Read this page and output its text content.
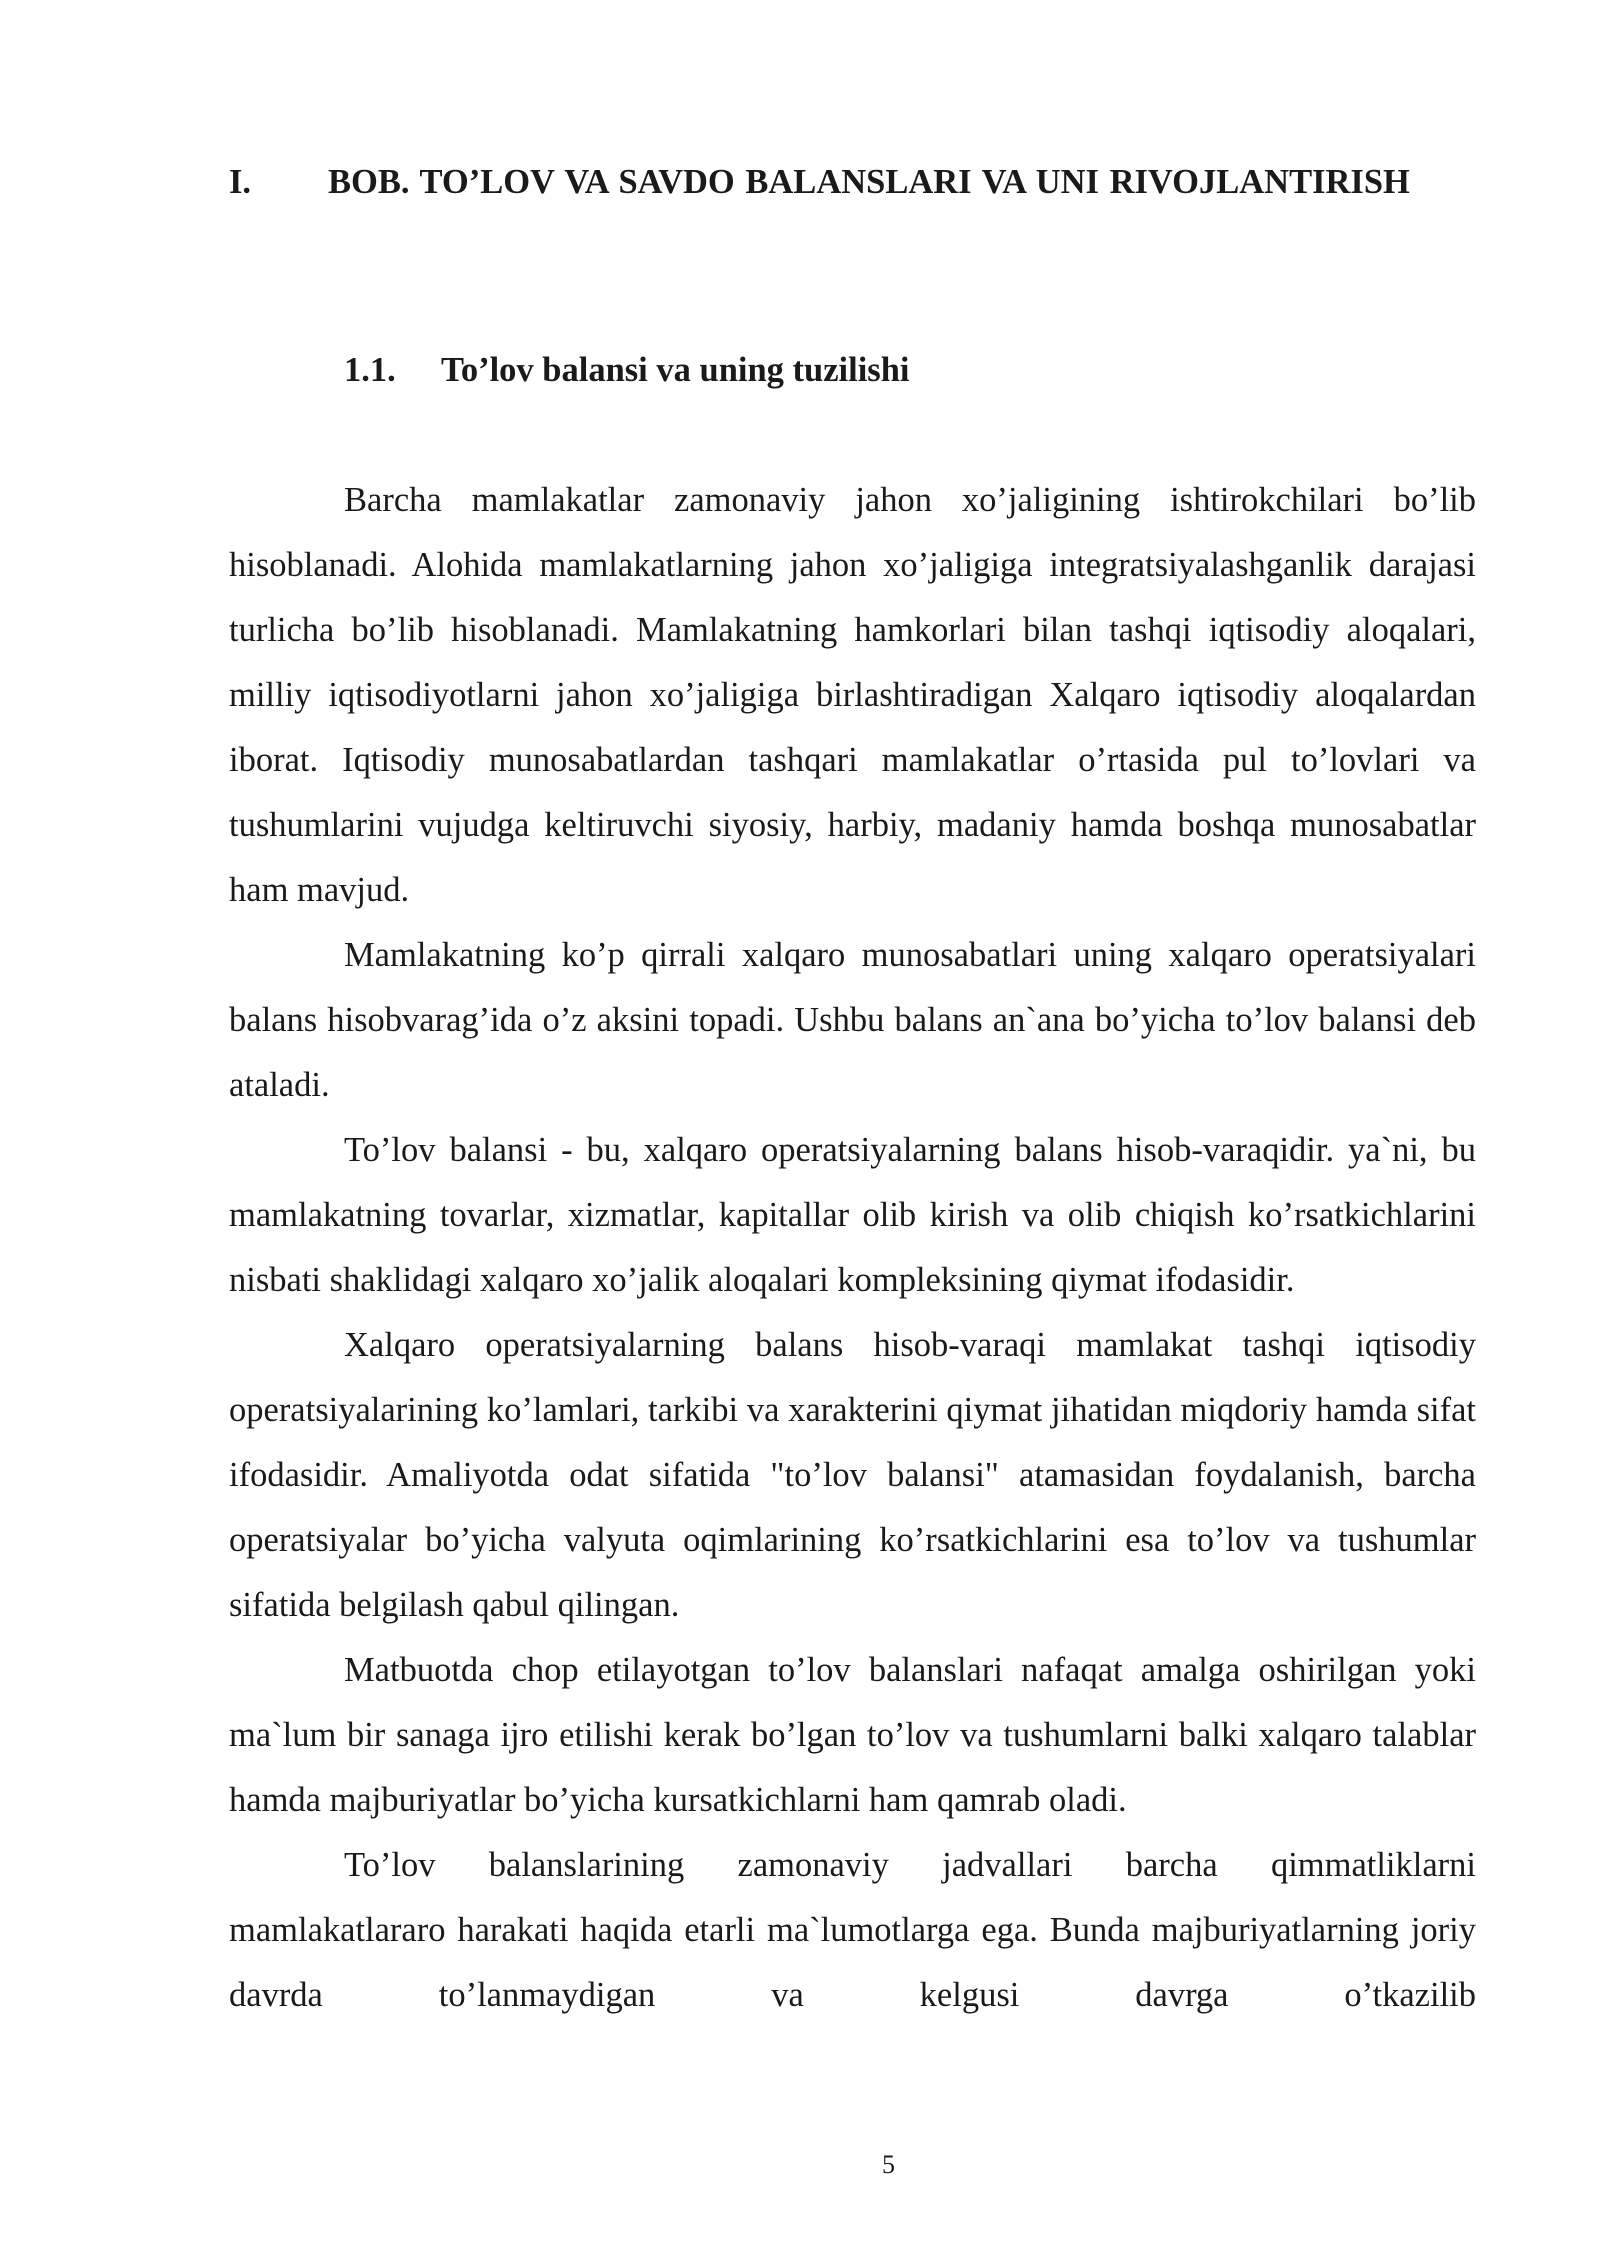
I. BOB. TO’LOV VA SAVDO BALANSLARI VA UNI RIVOJLANTIRISH
1.1. To’lov balansi va uning tuzilishi

Barcha mamlakatlar zamonaviy jahon xo’jaligining ishtirokchilari bo’lib hisoblanadi. Alohida mamlakatlarning jahon xo’jaligiga integratsiyalashganlik darajasi turlicha bo’lib hisoblanadi. Mamlakatning hamkorlari bilan tashqi iqtisodiy aloqalari, milliy iqtisodiyotlarni jahon xo’jaligiga birlashtiradigan Xalqaro iqtisodiy aloqalardan iborat. Iqtisodiy munosabatlardan tashqari mamlakatlar o’rtasida pul to’lovlari va tushumlarini vujudga keltiruvchi siyosiy, harbiy, madaniy hamda boshqa munosabatlar ham mavjud.

Mamlakatning ko’p qirrali xalqaro munosabatlari uning xalqaro operatsiyalari balans hisobvarag’ida o’z aksini topadi. Ushbu balans an`ana bo’yicha to’lov balansi deb ataladi.

To’lov balansi - bu, xalqaro operatsiyalarning balans hisob-varaqidir. ya`ni, bu mamlakatning tovarlar, xizmatlar, kapitallar olib kirish va olib chiqish ko’rsatkichlarini nisbati shaklidagi xalqaro xo’jalik aloqalari kompleksining qiymat ifodasidir.

Xalqaro operatsiyalarning balans hisob-varaqi mamlakat tashqi iqtisodiy operatsiyalarining ko’lamlari, tarkibi va xarakterini qiymat jihatidan miqdoriy hamda sifat ifodasidir. Amaliyotda odat sifatida "to’lov balansi" atamasidan foydalanish, barcha operatsiyalar bo’yicha valyuta oqimlarining ko’rsatkichlarini esa to’lov va tushumlar sifatida belgilash qabul qilingan.

Matbuotda chop etilayotgan to’lov balanslari nafaqat amalga oshirilgan yoki ma`lum bir sanaga ijro etilishi kerak bo’lgan to’lov va tushumlarni balki xalqaro talablar hamda majburiyatlar bo’yicha kursatkichlarni ham qamrab oladi.

To’lov balanslarining zamonaviy jadvallari barcha qimmatliklarni mamlakatlararo harakati haqida etarli ma`lumotlarga ega. Bunda majburiyatlarning joriy davrda to’lanmaydigan va kelgusi davrga o’tkazilib

5
